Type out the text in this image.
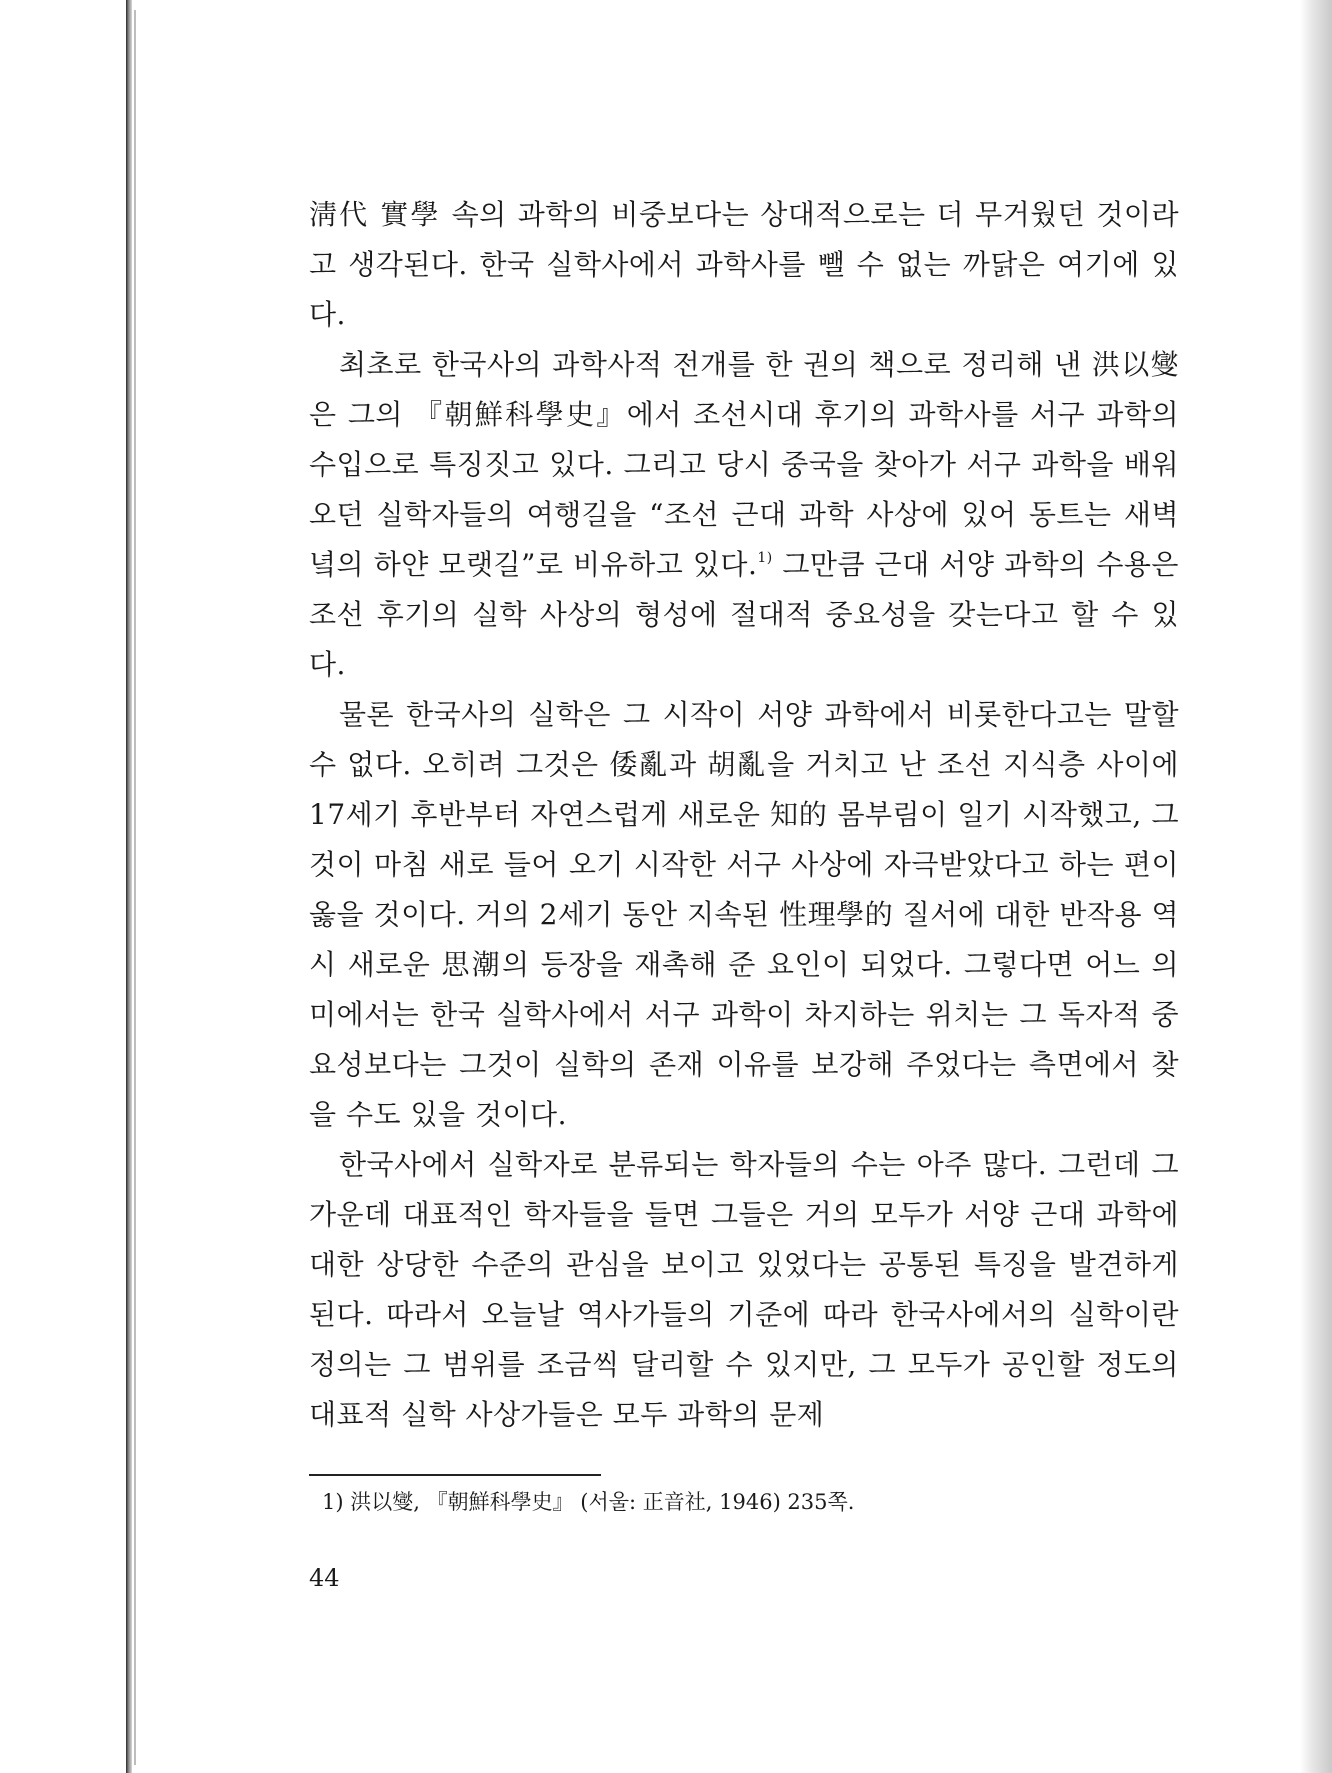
淸代 實學 속의 과학의 비중보다는 상대적으로는 더 무거웠던 것이라고 생각된다. 한국 실학사에서 과학사를 뺄 수 없는 까닭은 여기에 있다.

최초로 한국사의 과학사적 전개를 한 권의 책으로 정리해 낸 洪以燮은 그의 『朝鮮科學史』에서 조선시대 후기의 과학사를 서구 과학의 수입으로 특징짓고 있다. 그리고 당시 중국을 찾아가 서구 과학을 배워 오던 실학자들의 여행길을 “조선 근대 과학 사상에 있어 동트는 새벽녘의 하얀 모랫길”로 비유하고 있다.$^{1)}$ 그만큼 근대 서양 과학의 수용은 조선 후기의 실학 사상의 형성에 절대적 중요성을 갖는다고 할 수 있다.

물론 한국사의 실학은 그 시작이 서양 과학에서 비롯한다고는 말할 수 없다. 오히려 그것은 倭亂과 胡亂을 거치고 난 조선 지식층 사이에 17세기 후반부터 자연스럽게 새로운 知的 몸부림이 일기 시작했고, 그것이 마침 새로 들어 오기 시작한 서구 사상에 자극받았다고 하는 편이 옳을 것이다. 거의 2세기 동안 지속된 性理學的 질서에 대한 반작용 역시 새로운 思潮의 등장을 재촉해 준 요인이 되었다. 그렇다면 어느 의미에서는 한국 실학사에서 서구 과학이 차지하는 위치는 그 독자적 중요성보다는 그것이 실학의 존재 이유를 보강해 주었다는 측면에서 찾을 수도 있을 것이다.

한국사에서 실학자로 분류되는 학자들의 수는 아주 많다. 그런데 그 가운데 대표적인 학자들을 들면 그들은 거의 모두가 서양 근대 과학에 대한 상당한 수준의 관심을 보이고 있었다는 공통된 특징을 발견하게 된다. 따라서 오늘날 역사가들의 기준에 따라 한국사에서의 실학이란 정의는 그 범위를 조금씩 달리할 수 있지만, 그 모두가 공인할 정도의 대표적 실학 사상가들은 모두 과학의 문제

1) 洪以燮, 『朝鮮科學史』 (서울: 正音社, 1946) 235쪽.
44
